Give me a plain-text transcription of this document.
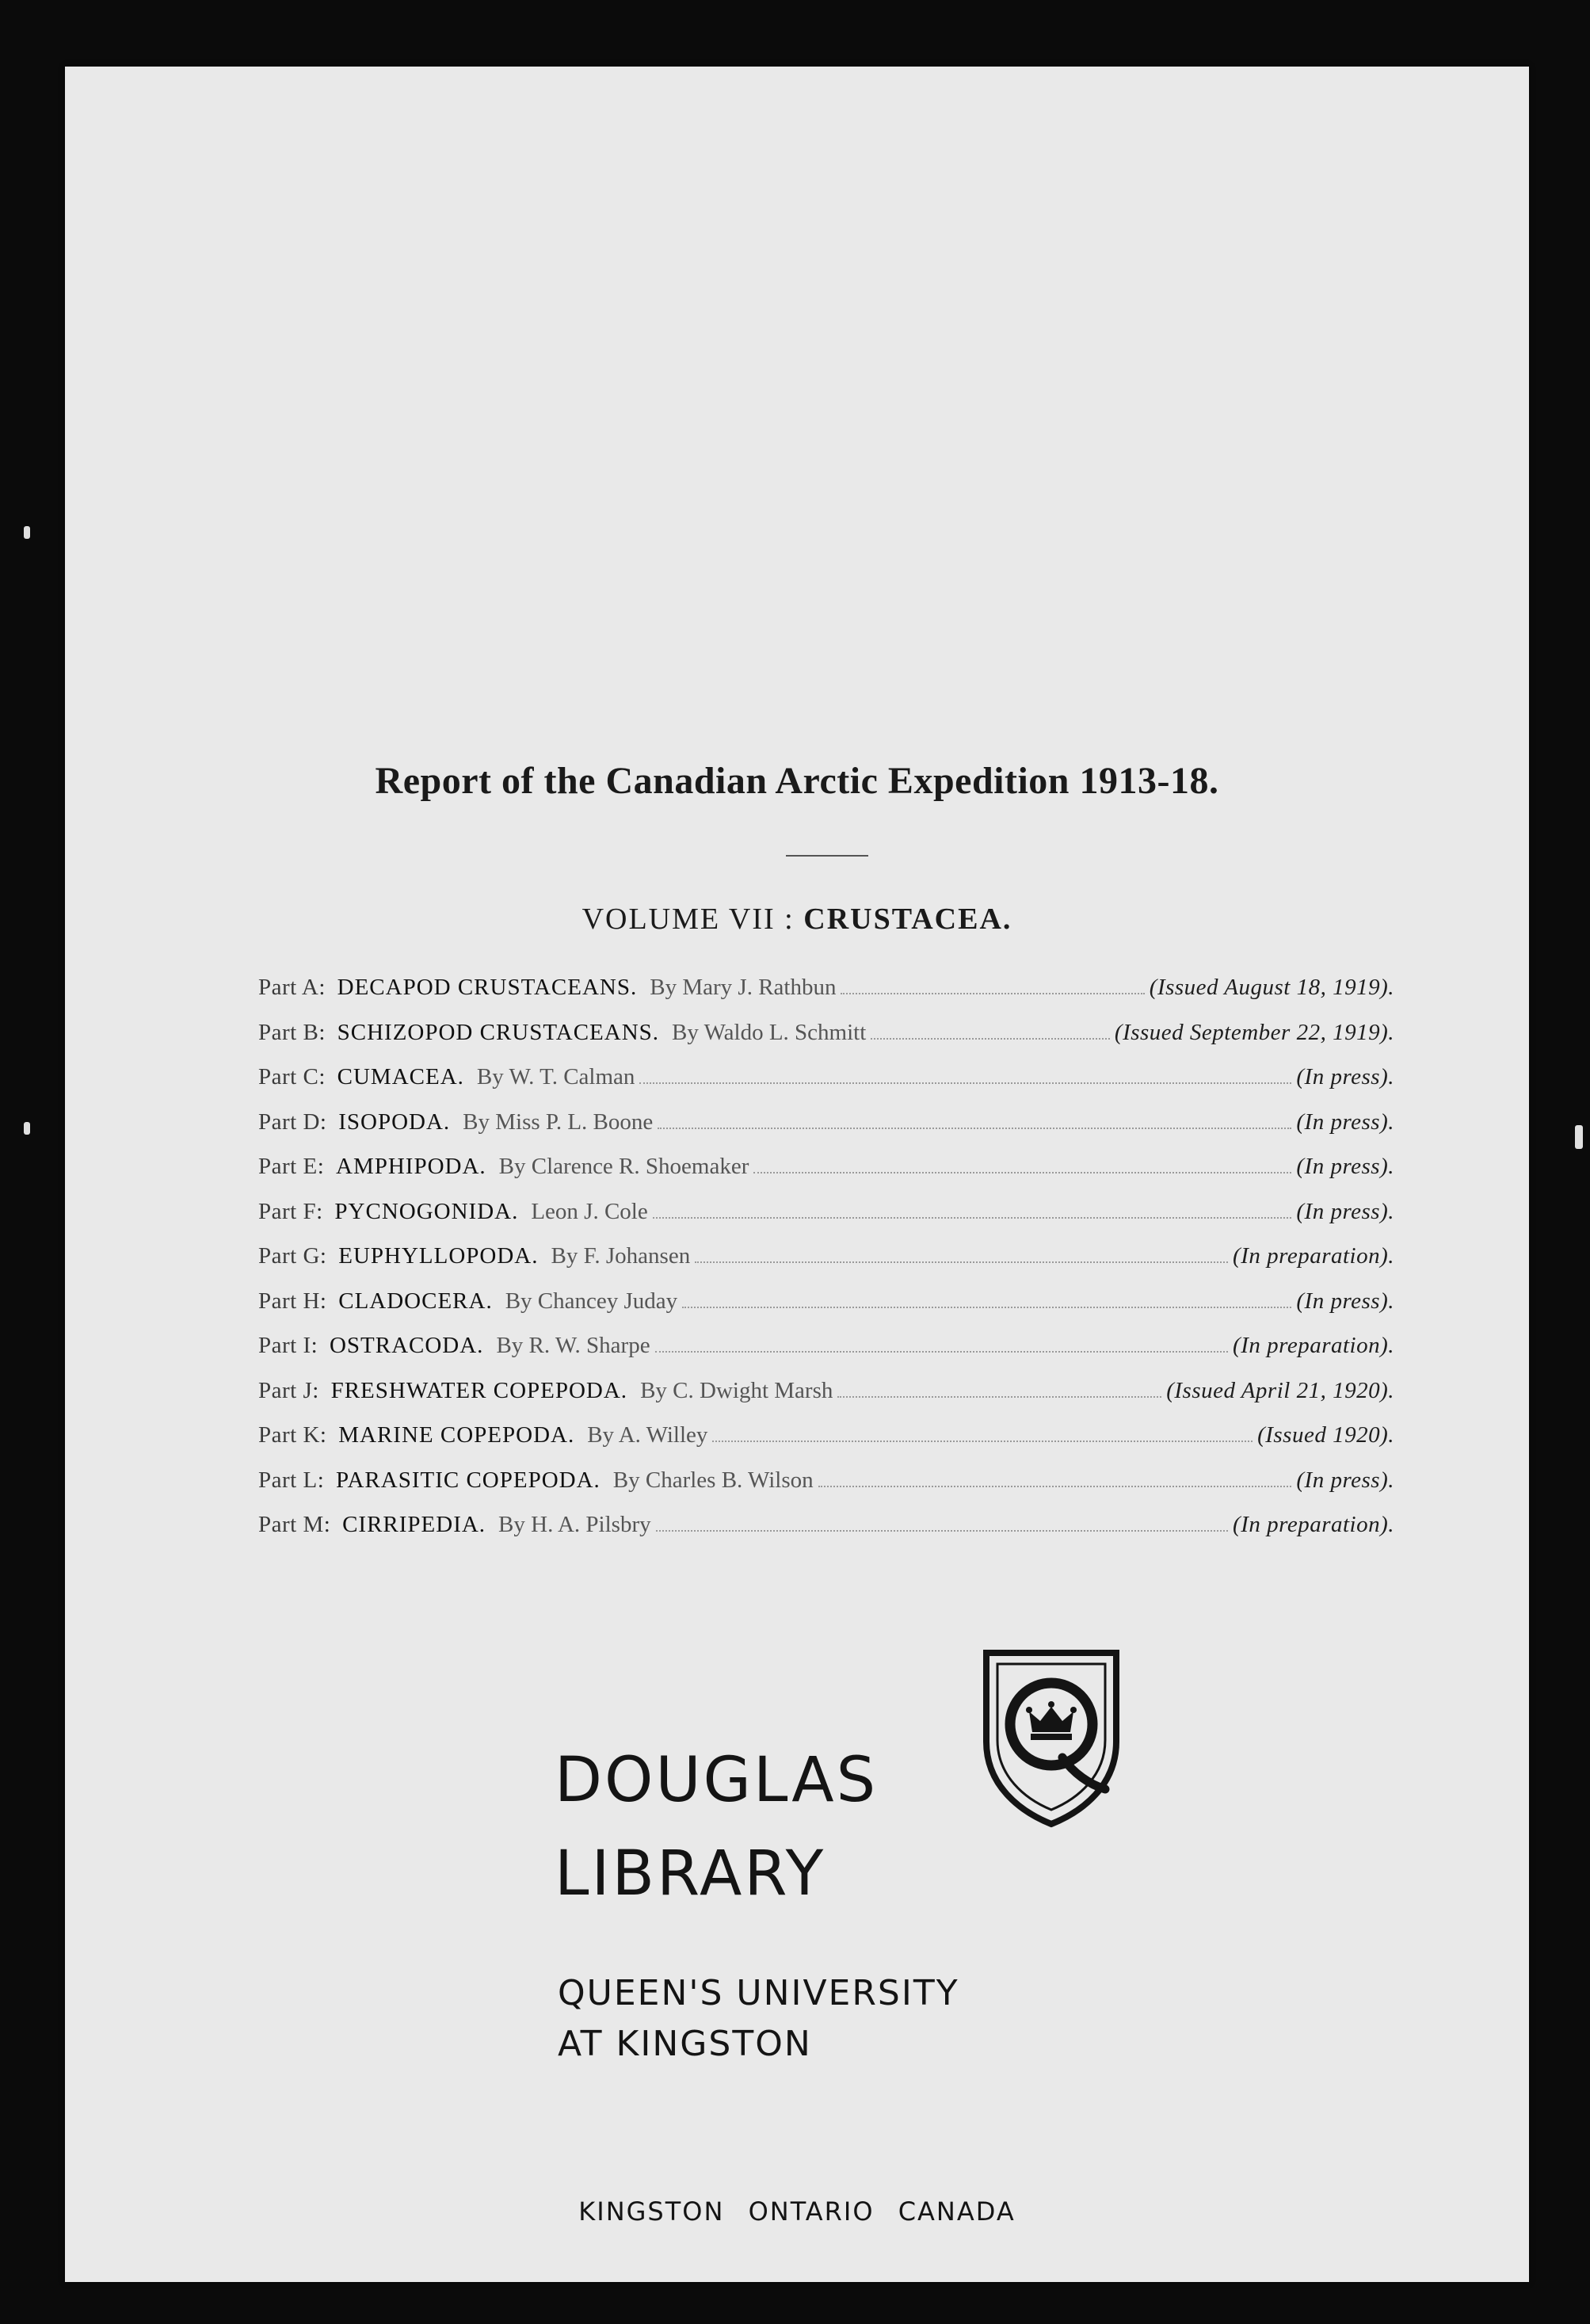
Report of the Canadian Arctic Expedition 1913-18.
VOLUME VII : CRUSTACEA.
Part A : DECAPOD CRUSTACEANS. By Mary J. Rathbun	(Issued August 18, 1919).
Part B : SCHIZOPOD CRUSTACEANS. By Waldo L. Schmitt	(Issued September 22, 1919).
Part C : CUMACEA. By W. T. Calman	(In press).
Part D : ISOPODA. By Miss P. L. Boone	(In press).
Part E : AMPHIPODA. By Clarence R. Shoemaker	(In press).
Part F : PYCNOGONIDA. Leon J. Cole	(In press).
Part G : EUPHYLLOPODA. By F. Johansen	(In preparation).
Part H : CLADOCERA. By Chancey Juday	(In press).
Part I : OSTRACODA. By R. W. Sharpe	(In preparation).
Part J : FRESHWATER COPEPODA. By C. Dwight Marsh	(Issued April 21, 1920).
Part K : MARINE COPEPODA. By A. Willey	(Issued 1920).
Part L : PARASITIC COPEPODA. By Charles B. Wilson	(In press).
Part M : CIRRIPEDIA. By H. A. Pilsbry	(In preparation).
DOUGLAS
LIBRARY
QUEEN'S UNIVERSITY
AT KINGSTON
KINGSTON ONTARIO CANADA
